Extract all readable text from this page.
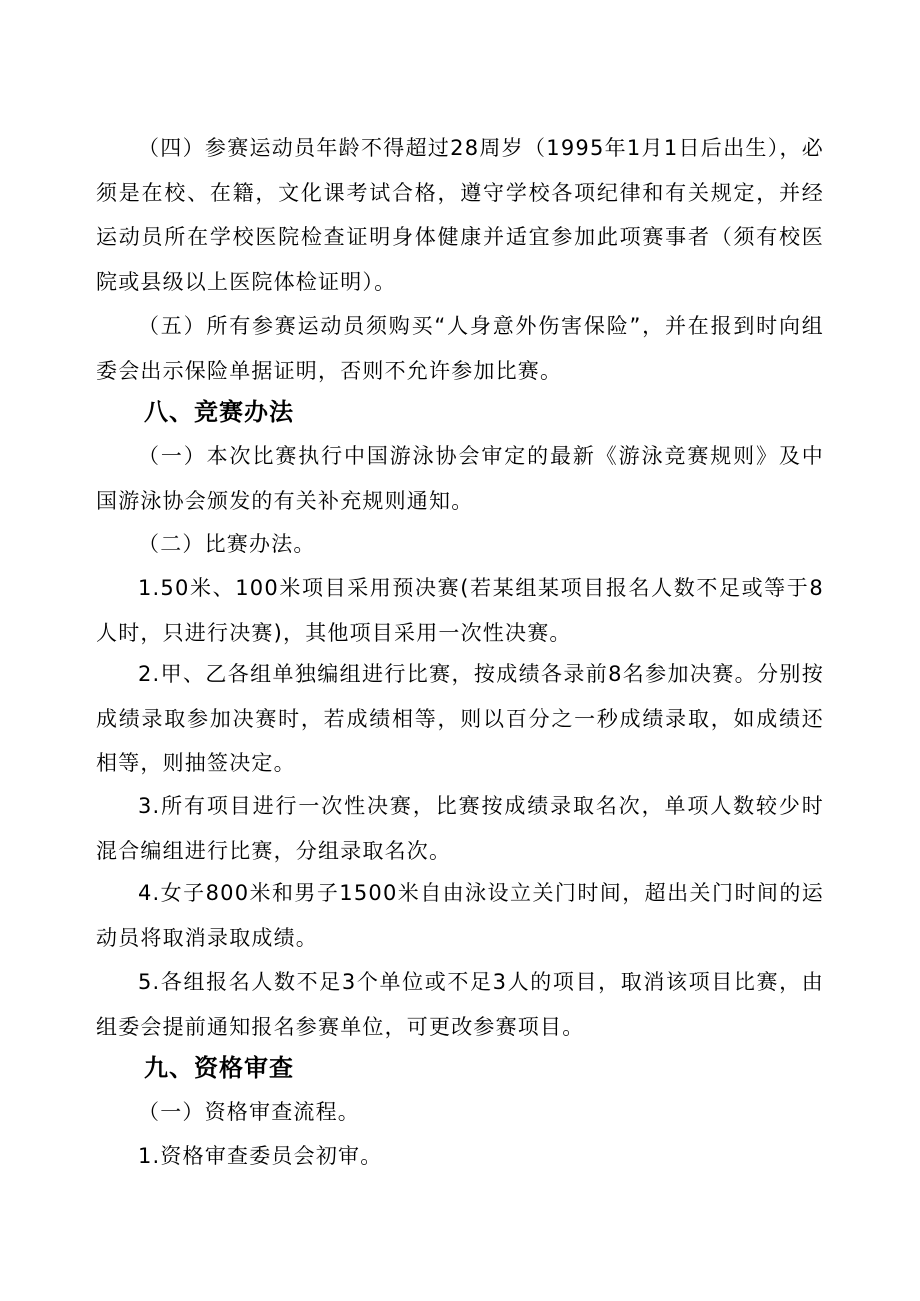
（四）参赛运动员年龄不得超过28周岁（1995年1月1日后出生），必须是在校、在籍，文化课考试合格，遵守学校各项纪律和有关规定，并经运动员所在学校医院检查证明身体健康并适宜参加此项赛事者（须有校医院或县级以上医院体检证明）。

（五）所有参赛运动员须购买“人身意外伤害保险”，并在报到时向组委会出示保险单据证明，否则不允许参加比赛。

八、竞赛办法

（一）本次比赛执行中国游泳协会审定的最新《游泳竞赛规则》及中国游泳协会颁发的有关补充规则通知。

（二）比赛办法。

1.50米、100米项目采用预决赛(若某组某项目报名人数不足或等于8人时，只进行决赛)，其他项目采用一次性决赛。

2.甲、乙各组单独编组进行比赛，按成绩各录前8名参加决赛。分别按成绩录取参加决赛时，若成绩相等，则以百分之一秒成绩录取，如成绩还相等，则抽签决定。

3.所有项目进行一次性决赛，比赛按成绩录取名次，单项人数较少时混合编组进行比赛，分组录取名次。

4.女子800米和男子1500米自由泳设立关门时间，超出关门时间的运动员将取消录取成绩。

5.各组报名人数不足3个单位或不足3人的项目，取消该项目比赛，由组委会提前通知报名参赛单位，可更改参赛项目。

九、资格审查

（一）资格审查流程。

1.资格审查委员会初审。
